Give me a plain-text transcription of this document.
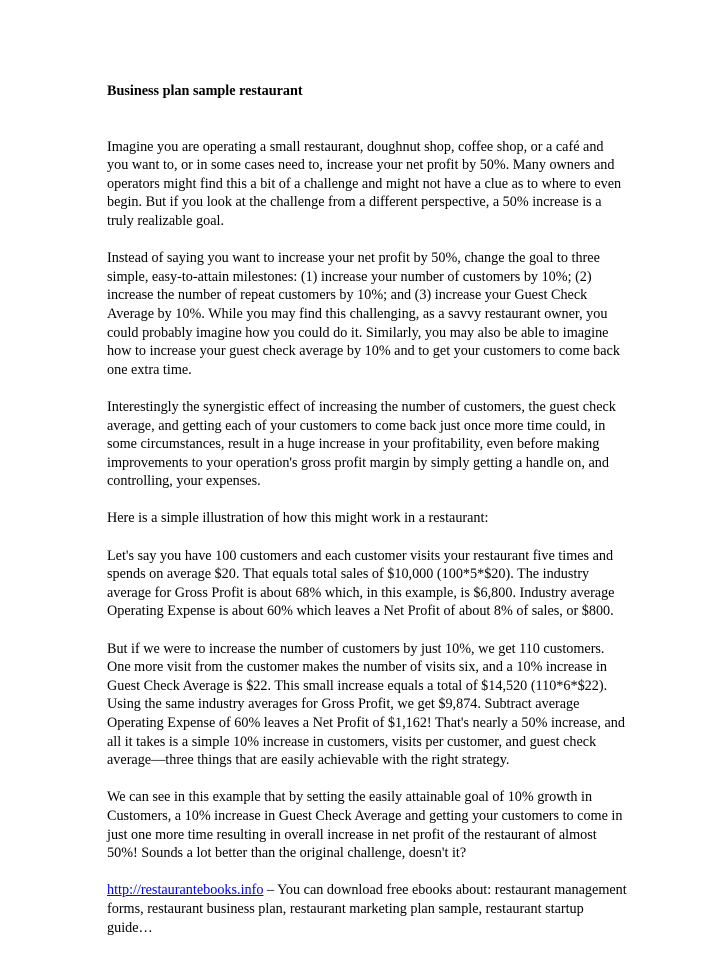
Business plan sample restaurant

Imagine you are operating a small restaurant, doughnut shop, coffee shop, or a café and you want to, or in some cases need to, increase your net profit by 50%. Many owners and operators might find this a bit of a challenge and might not have a clue as to where to even begin. But if you look at the challenge from a different perspective, a 50% increase is a truly realizable goal.

Instead of saying you want to increase your net profit by 50%, change the goal to three simple, easy-to-attain milestones: (1) increase your number of customers by 10%; (2) increase the number of repeat customers by 10%; and (3) increase your Guest Check Average by 10%. While you may find this challenging, as a savvy restaurant owner, you could probably imagine how you could do it. Similarly, you may also be able to imagine how to increase your guest check average by 10% and to get your customers to come back one extra time.

Interestingly the synergistic effect of increasing the number of customers, the guest check average, and getting each of your customers to come back just once more time could, in some circumstances, result in a huge increase in your profitability, even before making improvements to your operation's gross profit margin by simply getting a handle on, and controlling, your expenses.

Here is a simple illustration of how this might work in a restaurant:

Let's say you have 100 customers and each customer visits your restaurant five times and spends on average $20. That equals total sales of $10,000 (100*5*$20). The industry average for Gross Profit is about 68% which, in this example, is $6,800. Industry average Operating Expense is about 60% which leaves a Net Profit of about 8% of sales, or $800.

But if we were to increase the number of customers by just 10%, we get 110 customers. One more visit from the customer makes the number of visits six, and a 10% increase in Guest Check Average is $22. This small increase equals a total of $14,520 (110*6*$22). Using the same industry averages for Gross Profit, we get $9,874. Subtract average Operating Expense of 60% leaves a Net Profit of $1,162! That's nearly a 50% increase, and all it takes is a simple 10% increase in customers, visits per customer, and guest check average—three things that are easily achievable with the right strategy.

We can see in this example that by setting the easily attainable goal of 10% growth in Customers, a 10% increase in Guest Check Average and getting your customers to come in just one more time resulting in overall increase in net profit of the restaurant of almost 50%! Sounds a lot better than the original challenge, doesn't it?

http://restaurantebooks.info – You can download free ebooks about: restaurant management forms, restaurant business plan, restaurant marketing plan sample, restaurant startup guide…
